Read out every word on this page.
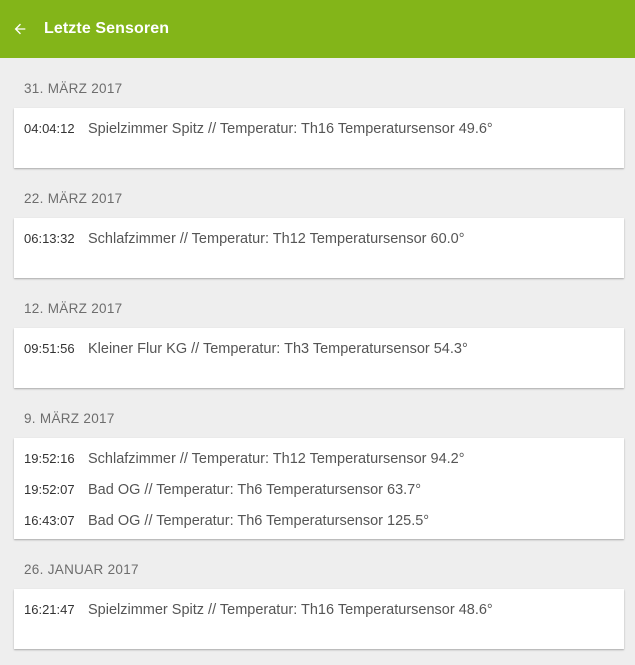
Letzte Sensoren
31. MÄRZ 2017
04:04:12 Spielzimmer Spitz // Temperatur: Th16 Temperatursensor 49.6°
22. MÄRZ 2017
06:13:32 Schlafzimmer // Temperatur: Th12 Temperatursensor 60.0°
12. MÄRZ 2017
09:51:56 Kleiner Flur KG // Temperatur: Th3 Temperatursensor 54.3°
9. MÄRZ 2017
19:52:16 Schlafzimmer // Temperatur: Th12 Temperatursensor 94.2°
19:52:07 Bad OG // Temperatur: Th6 Temperatursensor 63.7°
16:43:07 Bad OG // Temperatur: Th6 Temperatursensor 125.5°
26. JANUAR 2017
16:21:47 Spielzimmer Spitz // Temperatur: Th16 Temperatursensor 48.6°
